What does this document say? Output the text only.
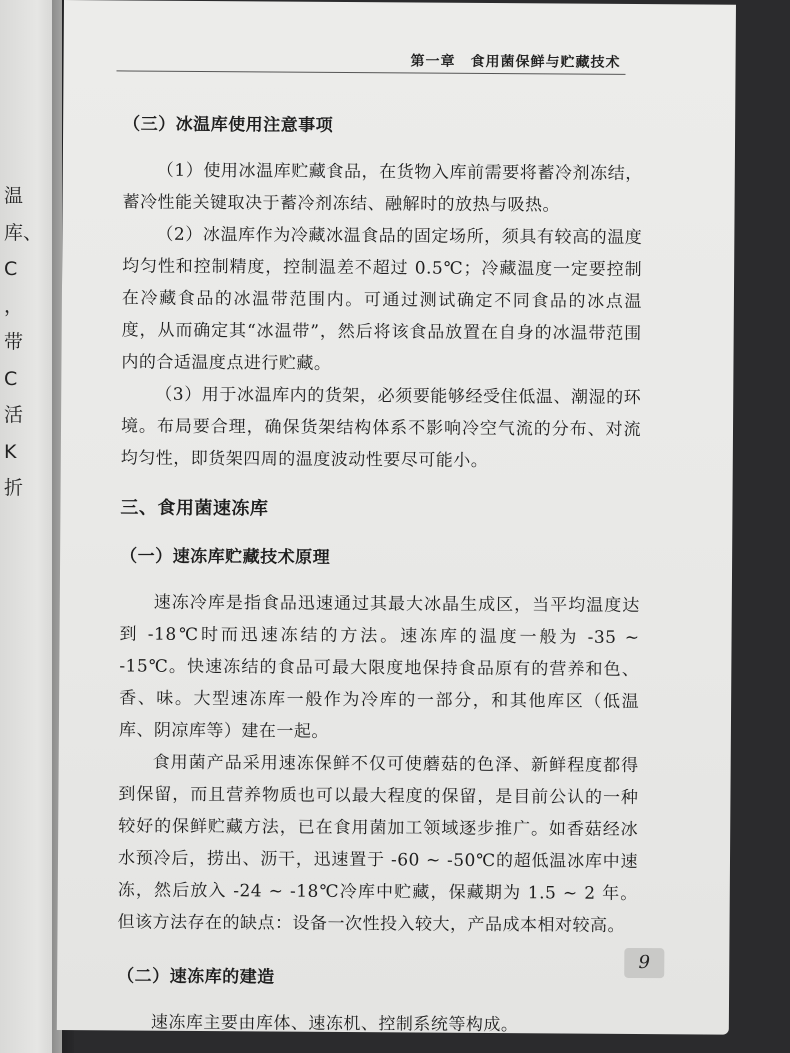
温
库、
C
，
带
C
活
K
折
第一章　食用菌保鲜与贮藏技术
（三）冰温库使用注意事项

（1）使用冰温库贮藏食品，在货物入库前需要将蓄冷剂冻结，蓄冷性能关键取决于蓄冷剂冻结、融解时的放热与吸热。

（2）冰温库作为冷藏冰温食品的固定场所，须具有较高的温度均匀性和控制精度，控制温差不超过 0.5℃；冷藏温度一定要控制在冷藏食品的冰温带范围内。可通过测试确定不同食品的冰点温度，从而确定其“冰温带”，然后将该食品放置在自身的冰温带范围内的合适温度点进行贮藏。

（3）用于冰温库内的货架，必须要能够经受住低温、潮湿的环境。布局要合理，确保货架结构体系不影响冷空气流的分布、对流均匀性，即货架四周的温度波动性要尽可能小。

三、食用菌速冻库
（一）速冻库贮藏技术原理

速冻冷库是指食品迅速通过其最大冰晶生成区，当平均温度达到 -18℃时而迅速冻结的方法。速冻库的温度一般为 -35 ~ -15℃。快速冻结的食品可最大限度地保持食品原有的营养和色、香、味。大型速冻库一般作为冷库的一部分，和其他库区（低温库、阴凉库等）建在一起。

食用菌产品采用速冻保鲜不仅可使蘑菇的色泽、新鲜程度都得到保留，而且营养物质也可以最大程度的保留，是目前公认的一种较好的保鲜贮藏方法，已在食用菌加工领域逐步推广。如香菇经冰水预冷后，捞出、沥干，迅速置于 -60 ~ -50℃的超低温冰库中速冻，然后放入 -24 ~ -18℃冷库中贮藏，保藏期为 1.5 ~ 2 年。但该方法存在的缺点：设备一次性投入较大，产品成本相对较高。

（二）速冻库的建造

速冻库主要由库体、速冻机、控制系统等构成。

9
